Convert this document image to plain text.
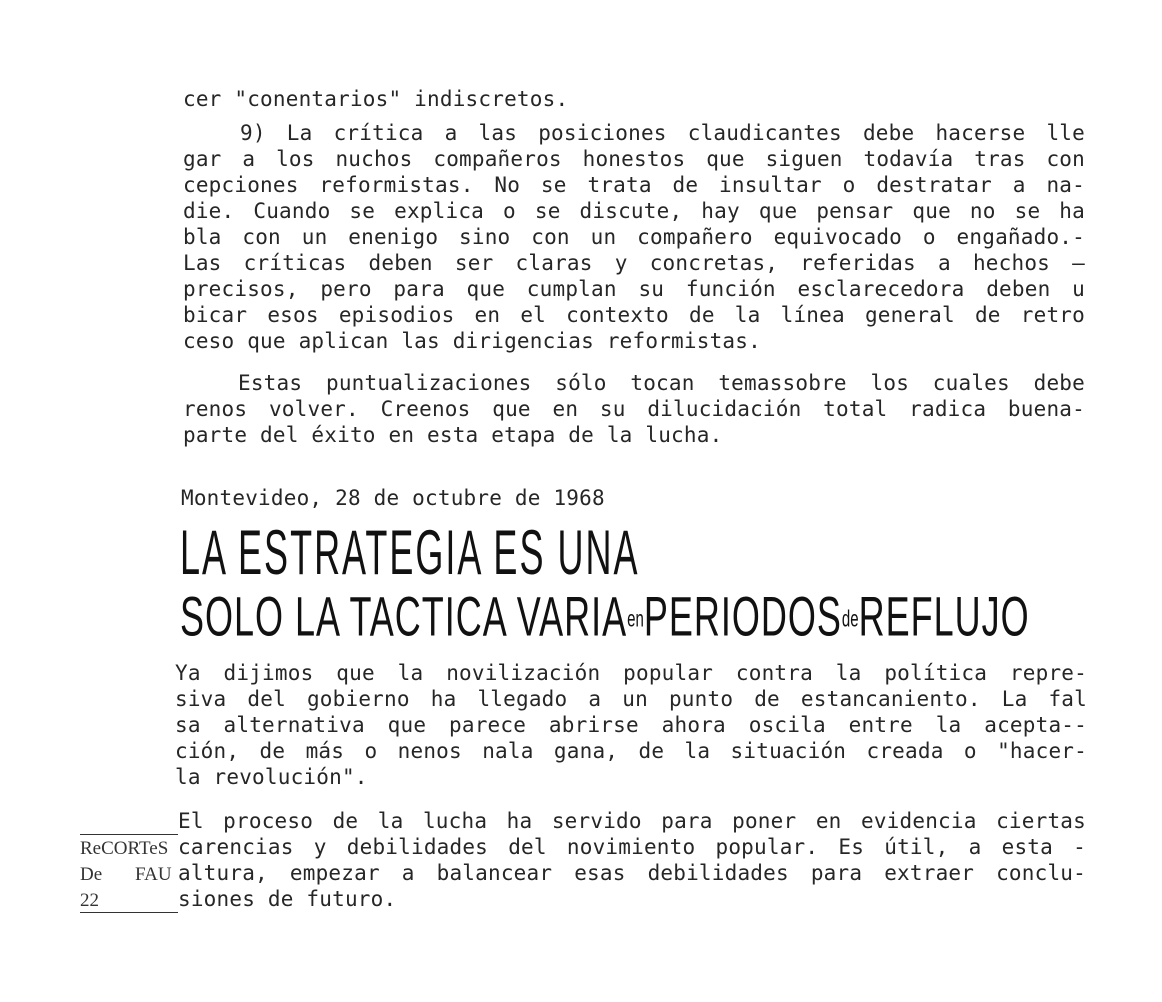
cer "conentarios" indiscretos.

9) La crítica a las posiciones claudicantes debe hacerse lle

gar a los nuchos compañeros honestos que siguen todavía tras con

cepciones reformistas. No se trata de insultar o destratar a na-

die. Cuando se explica o se discute, hay que pensar que no se ha

bla con un enenigo sino con un compañero equivocado o engañado.-

Las críticas deben ser claras y concretas, referidas a hechos —

precisos, pero para que cumplan su función esclarecedora deben u

bicar esos episodios en el contexto de la línea general de retro

ceso que aplican las dirigencias reformistas.

Estas puntualizaciones sólo tocan temassobre los cuales debe

renos volver. Creenos que en su dilucidación total radica buena-

parte del éxito en esta etapa de la lucha.

Montevideo, 28 de octubre de 1968

LA ESTRATEGIA ES UNA
SOLO LA TACTICA VARIAenPERIODOSdeREFLUJO

Ya dijimos que la novilización popular contra la política repre-

siva del gobierno ha llegado a un punto de estancaniento. La fal

sa alternativa que parece abrirse ahora oscila entre la acepta--

ción, de más o nenos nala gana, de la situación creada o "hacer-

la revolución".

El proceso de la lucha ha servido para poner en evidencia ciertas

carencias y debilidades del novimiento popular. Es útil, a esta -

altura, empezar a balancear esas debilidades para extraer conclu-

siones de futuro.

ReCORTeS
De FAU
22
